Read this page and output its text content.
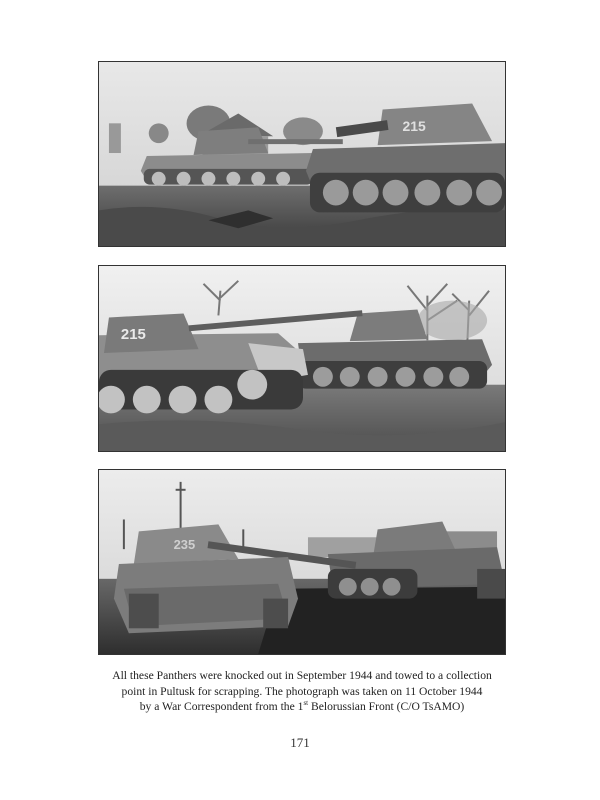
215
215
235

All these Panthers were knocked out in September 1944 and towed to a collection

point in Pultusk for scrapping. The photograph was taken on 11 October 1944

by a War Correspondent from the 1st Belorussian Front (C/O TsAMO)

171
